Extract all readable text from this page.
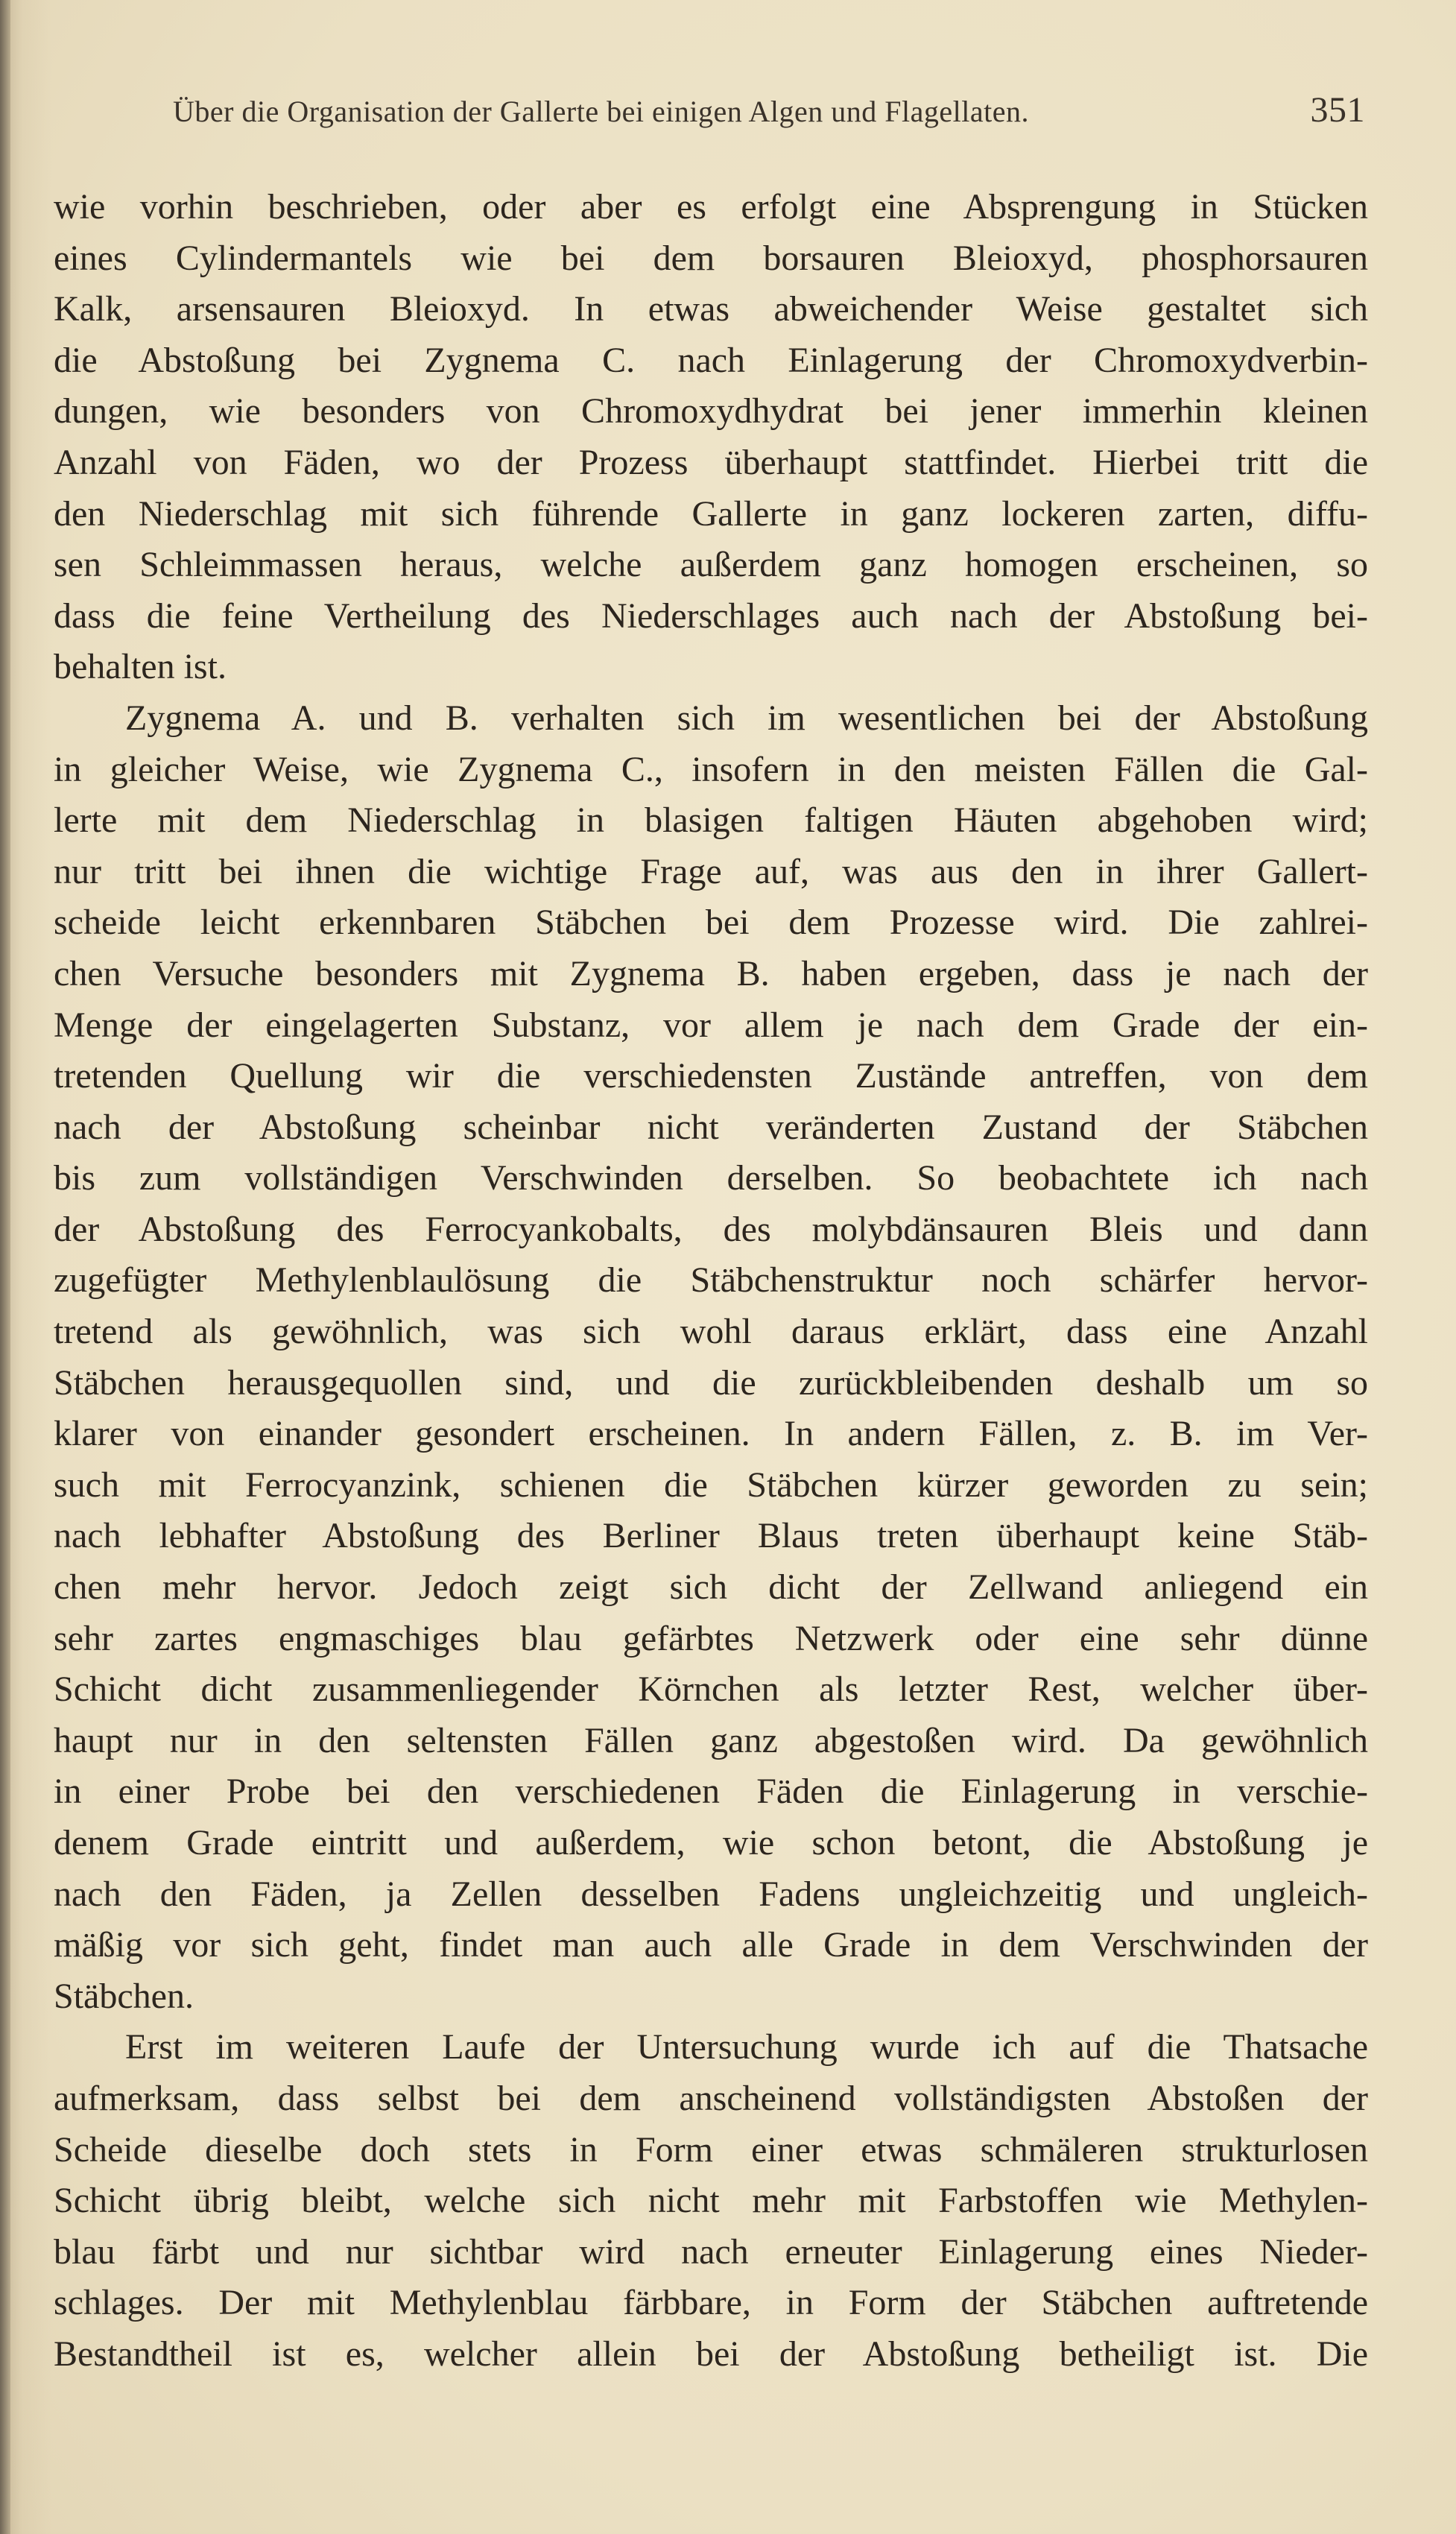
Über die Organisation der Gallerte bei einigen Algen und Flagellaten.	351
wie vorhin beschrieben, oder aber es erfolgt eine Absprengung in Stücken
eines Cylindermantels wie bei dem borsauren Bleioxyd, phosphorsauren
Kalk, arsensauren Bleioxyd. In etwas abweichender Weise gestaltet sich
die Abstoßung bei Zygnema C. nach Einlagerung der Chromoxydverbin-
dungen, wie besonders von Chromoxydhydrat bei jener immerhin kleinen
Anzahl von Fäden, wo der Prozess überhaupt stattfindet. Hierbei tritt die
den Niederschlag mit sich führende Gallerte in ganz lockeren zarten, diffu-
sen Schleimmassen heraus, welche außerdem ganz homogen erscheinen, so
dass die feine Vertheilung des Niederschlages auch nach der Abstoßung bei-
behalten ist.
Zygnema A. und B. verhalten sich im wesentlichen bei der Abstoßung
in gleicher Weise, wie Zygnema C., insofern in den meisten Fällen die Gal-
lerte mit dem Niederschlag in blasigen faltigen Häuten abgehoben wird;
nur tritt bei ihnen die wichtige Frage auf, was aus den in ihrer Gallert-
scheide leicht erkennbaren Stäbchen bei dem Prozesse wird. Die zahlrei-
chen Versuche besonders mit Zygnema B. haben ergeben, dass je nach der
Menge der eingelagerten Substanz, vor allem je nach dem Grade der ein-
tretenden Quellung wir die verschiedensten Zustände antreffen, von dem
nach der Abstoßung scheinbar nicht veränderten Zustand der Stäbchen
bis zum vollständigen Verschwinden derselben. So beobachtete ich nach
der Abstoßung des Ferrocyankobalts, des molybdänsauren Bleis und dann
zugefügter Methylenblaulösung die Stäbchenstruktur noch schärfer hervor-
tretend als gewöhnlich, was sich wohl daraus erklärt, dass eine Anzahl
Stäbchen herausgequollen sind, und die zurückbleibenden deshalb um so
klarer von einander gesondert erscheinen. In andern Fällen, z. B. im Ver-
such mit Ferrocyanzink, schienen die Stäbchen kürzer geworden zu sein;
nach lebhafter Abstoßung des Berliner Blaus treten überhaupt keine Stäb-
chen mehr hervor. Jedoch zeigt sich dicht der Zellwand anliegend ein
sehr zartes engmaschiges blau gefärbtes Netzwerk oder eine sehr dünne
Schicht dicht zusammenliegender Körnchen als letzter Rest, welcher über-
haupt nur in den seltensten Fällen ganz abgestoßen wird. Da gewöhnlich
in einer Probe bei den verschiedenen Fäden die Einlagerung in verschie-
denem Grade eintritt und außerdem, wie schon betont, die Abstoßung je
nach den Fäden, ja Zellen desselben Fadens ungleichzeitig und ungleich-
mäßig vor sich geht, findet man auch alle Grade in dem Verschwinden der
Stäbchen.
Erst im weiteren Laufe der Untersuchung wurde ich auf die Thatsache
aufmerksam, dass selbst bei dem anscheinend vollständigsten Abstoßen der
Scheide dieselbe doch stets in Form einer etwas schmäleren strukturlosen
Schicht übrig bleibt, welche sich nicht mehr mit Farbstoffen wie Methylen-
blau färbt und nur sichtbar wird nach erneuter Einlagerung eines Nieder-
schlages. Der mit Methylenblau färbbare, in Form der Stäbchen auftretende
Bestandtheil ist es, welcher allein bei der Abstoßung betheiligt ist. Die
